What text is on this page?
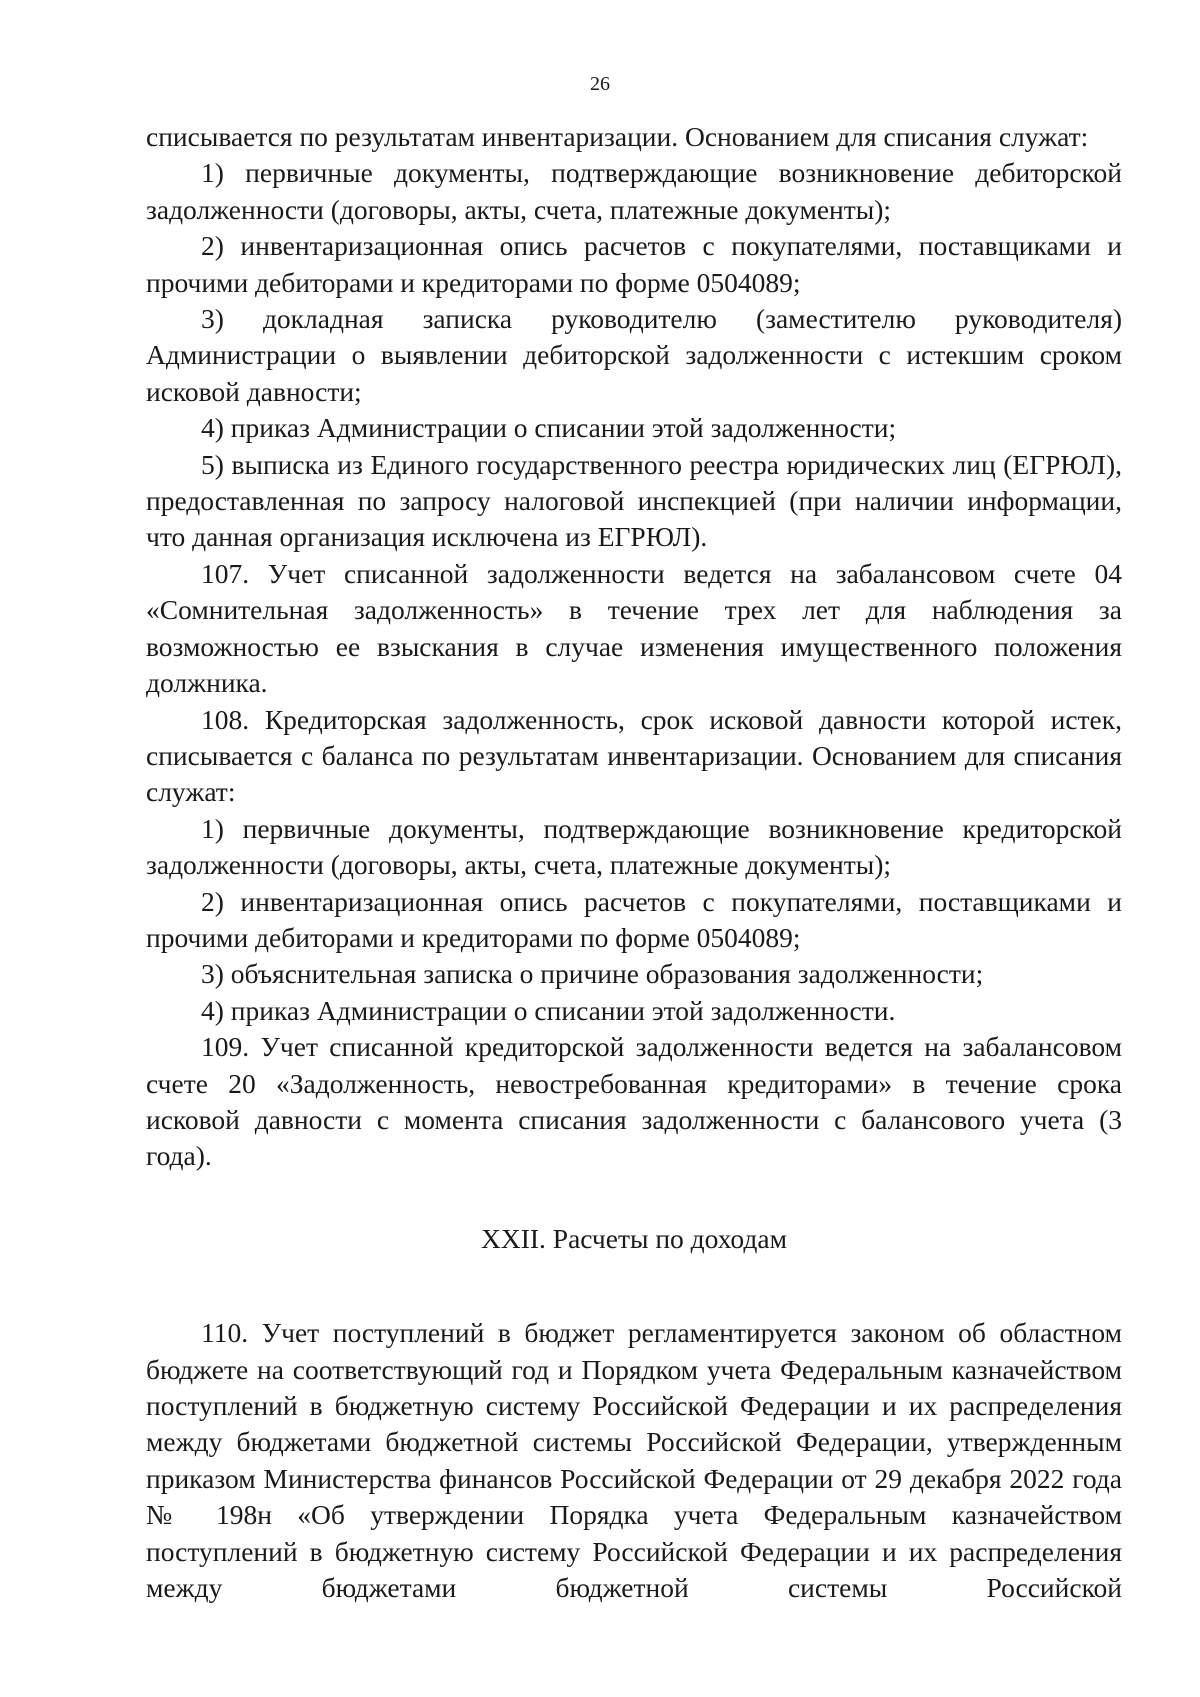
26

списывается по результатам инвентаризации. Основанием для списания служат:

1) первичные документы, подтверждающие возникновение дебиторской задолженности (договоры, акты, счета, платежные документы);

2) инвентаризационная опись расчетов с покупателями, поставщиками и прочими дебиторами и кредиторами по форме 0504089;

3) докладная записка руководителю (заместителю руководителя) Администрации о выявлении дебиторской задолженности с истекшим сроком исковой давности;

4) приказ Администрации о списании этой задолженности;

5) выписка из Единого государственного реестра юридических лиц (ЕГРЮЛ), предоставленная по запросу налоговой инспекцией (при наличии информации, что данная организация исключена из ЕГРЮЛ).

107. Учет списанной задолженности ведется на забалансовом счете 04 «Сомнительная задолженность» в течение трех лет для наблюдения за возможностью ее взыскания в случае изменения имущественного положения должника.

108. Кредиторская задолженность, срок исковой давности которой истек, списывается с баланса по результатам инвентаризации. Основанием для списания служат:

1) первичные документы, подтверждающие возникновение кредиторской задолженности (договоры, акты, счета, платежные документы);

2) инвентаризационная опись расчетов с покупателями, поставщиками и прочими дебиторами и кредиторами по форме 0504089;

3) объяснительная записка о причине образования задолженности;

4) приказ Администрации о списании этой задолженности.

109. Учет списанной кредиторской задолженности ведется на забалансовом счете 20 «Задолженность, невостребованная кредиторами» в течение срока исковой давности с момента списания задолженности с балансового учета (3 года).

XXII. Расчеты по доходам

110. Учет поступлений в бюджет регламентируется законом об областном бюджете на соответствующий год и Порядком учета Федеральным казначейством поступлений в бюджетную систему Российской Федерации и их распределения между бюджетами бюджетной системы Российской Федерации, утвержденным приказом Министерства финансов Российской Федерации от 29 декабря 2022 года № 198н «Об утверждении Порядка учета Федеральным казначейством поступлений в бюджетную систему Российской Федерации и их распределения между бюджетами бюджетной системы Российской
